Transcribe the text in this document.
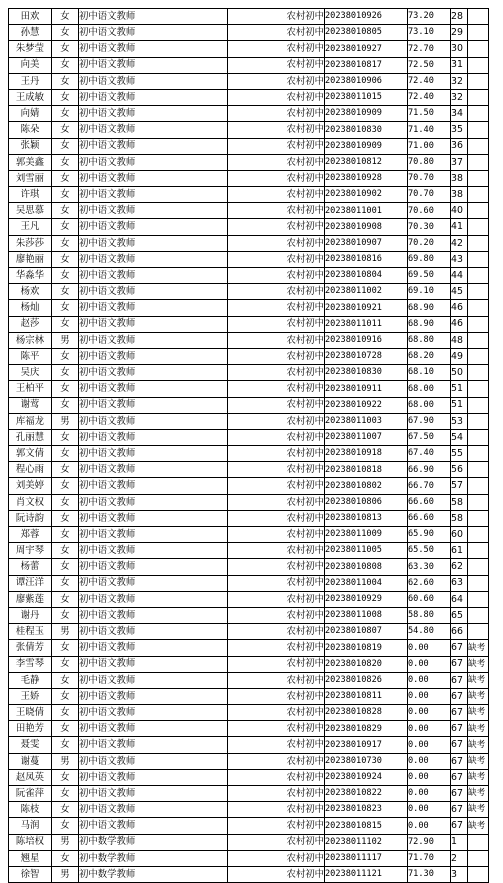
田欢	女	初中语文教师	农村初中	20238010926	73.20	28	
孙慧	女	初中语文教师	农村初中	20238010805	73.10	29	
朱梦莹	女	初中语文教师	农村初中	20238010927	72.70	30	
向美	女	初中语文教师	农村初中	20238010817	72.50	31	
王丹	女	初中语文教师	农村初中	20238010906	72.40	32	
王成敏	女	初中语文教师	农村初中	20238011015	72.40	32	
向婧	女	初中语文教师	农村初中	20238010909	71.50	34	
陈朵	女	初中语文教师	农村初中	20238010830	71.40	35	
张颖	女	初中语文教师	农村初中	20238010909	71.00	36	
郭美鑫	女	初中语文教师	农村初中	20238010812	70.80	37	
刘雪丽	女	初中语文教师	农村初中	20238010928	70.70	38	
许琪	女	初中语文教师	农村初中	20238010902	70.70	38	
吴思慕	女	初中语文教师	农村初中	20238011001	70.60	40	
王凡	女	初中语文教师	农村初中	20238010908	70.30	41	
朱莎莎	女	初中语文教师	农村初中	20238010907	70.20	42	
廖艳丽	女	初中语文教师	农村初中	20238010816	69.80	43	
华淼华	女	初中语文教师	农村初中	20238010804	69.50	44	
杨欢	女	初中语文教师	农村初中	20238011002	69.10	45	
杨灿	女	初中语文教师	农村初中	20238010921	68.90	46	
赵莎	女	初中语文教师	农村初中	20238011011	68.90	46	
杨宗林	男	初中语文教师	农村初中	20238010916	68.80	48	
陈平	女	初中语文教师	农村初中	20238010728	68.20	49	
吴庆	女	初中语文教师	农村初中	20238010830	68.10	50	
王柏平	女	初中语文教师	农村初中	20238010911	68.00	51	
谢莺	女	初中语文教师	农村初中	20238010922	68.00	51	
库福龙	男	初中语文教师	农村初中	20238011003	67.90	53	
孔丽慧	女	初中语文教师	农村初中	20238011007	67.50	54	
郭文倩	女	初中语文教师	农村初中	20238010918	67.40	55	
程心雨	女	初中语文教师	农村初中	20238010818	66.90	56	
刘美婷	女	初中语文教师	农村初中	20238010802	66.70	57	
肖文权	女	初中语文教师	农村初中	20238010806	66.60	58	
阮诗韵	女	初中语文教师	农村初中	20238010813	66.60	58	
郑蓉	女	初中语文教师	农村初中	20238011009	65.90	60	
周宇琴	女	初中语文教师	农村初中	20238011005	65.50	61	
杨蕾	女	初中语文教师	农村初中	20238010808	63.30	62	
谭汪洋	女	初中语文教师	农村初中	20238011004	62.60	63	
廖紫莲	女	初中语文教师	农村初中	20238010929	60.60	64	
谢丹	女	初中语文教师	农村初中	20238011008	58.80	65	
桂程玉	男	初中语文教师	农村初中	20238010807	54.80	66	
张倩芳	女	初中语文教师	农村初中	20238010819	0.00	67	缺考
李雪琴	女	初中语文教师	农村初中	20238010820	0.00	67	缺考
毛静	女	初中语文教师	农村初中	20238010826	0.00	67	缺考
王娇	女	初中语文教师	农村初中	20238010811	0.00	67	缺考
王晓倩	女	初中语文教师	农村初中	20238010828	0.00	67	缺考
田艳芳	女	初中语文教师	农村初中	20238010829	0.00	67	缺考
聂雯	女	初中语文教师	农村初中	20238010917	0.00	67	缺考
谢蔓	男	初中语文教师	农村初中	20238010730	0.00	67	缺考
赵凤英	女	初中语文教师	农村初中	20238010924	0.00	67	缺考
阮雀萍	女	初中语文教师	农村初中	20238010822	0.00	67	缺考
陈枝	女	初中语文教师	农村初中	20238010823	0.00	67	缺考
马润	女	初中语文教师	农村初中	20238010815	0.00	67	缺考
陈培权	男	初中数学教师	农村初中	20238011102	72.90	1	
翘星	女	初中数学教师	农村初中	20238011117	71.70	2	
徐智	男	初中数学教师	农村初中	20238011121	71.30	3	
